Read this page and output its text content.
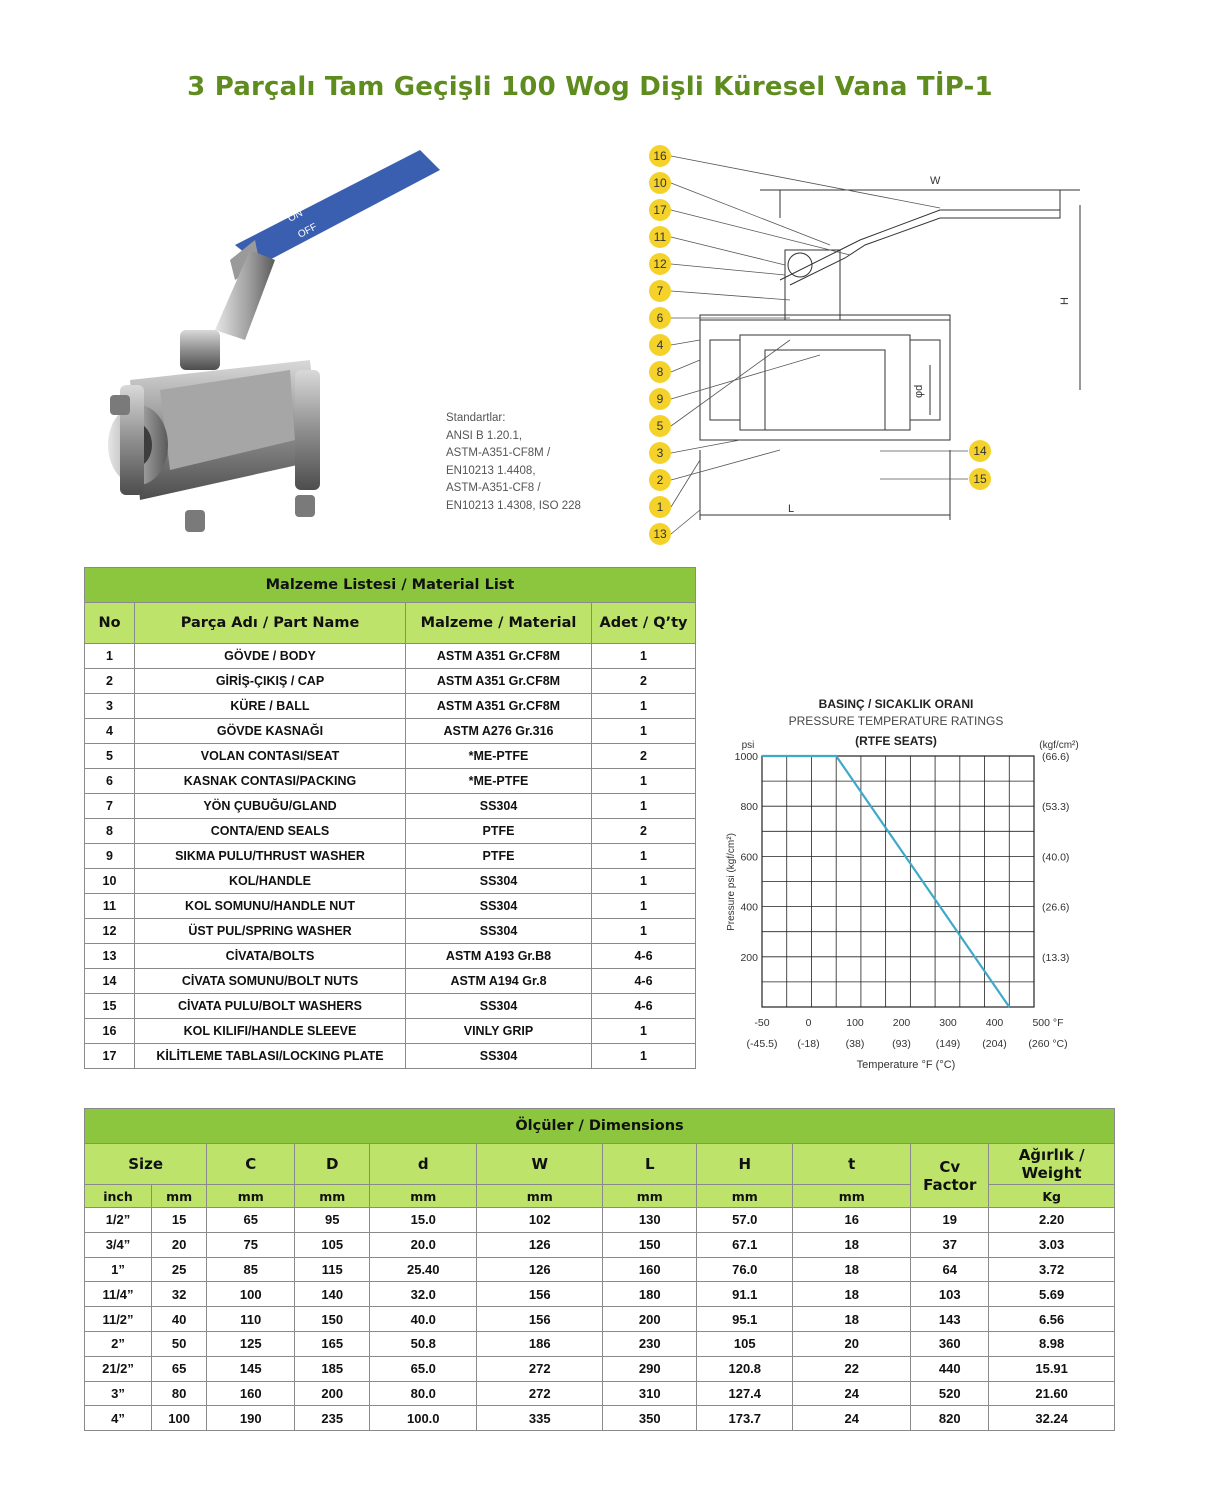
3 Parçalı Tam Geçişli 100 Wog Dişli Küresel Vana TİP-1
ON
OFF
Standartlar:
ANSI B 1.20.1,
ASTM-A351-CF8M /
EN10213 1.4408,
ASTM-A351-CF8 /
EN10213 1.4308, ISO 228
W
H
L
φd
16
10
17
11
12
7
6
4
8
9
5
3
2
1
13
14
15
Malzeme Listesi / Material List			
No	Parça Adı / Part Name	Malzeme / Material	Adet / Q’ty
1	GÖVDE / BODY	ASTM A351 Gr.CF8M	1
2	GİRİŞ-ÇIKIŞ / CAP	ASTM A351 Gr.CF8M	2
3	KÜRE / BALL	ASTM A351 Gr.CF8M	1
4	GÖVDE KASNAĞI	ASTM A276 Gr.316	1
5	VOLAN CONTASI/SEAT	*ME-PTFE	2
6	KASNAK CONTASI/PACKING	*ME-PTFE	1
7	YÖN ÇUBUĞU/GLAND	SS304	1
8	CONTA/END SEALS	PTFE	2
9	SIKMA PULU/THRUST WASHER	PTFE	1
10	KOL/HANDLE	SS304	1
11	KOL SOMUNU/HANDLE NUT	SS304	1
12	ÜST PUL/SPRING WASHER	SS304	1
13	CİVATA/BOLTS	ASTM A193 Gr.B8	4-6
14	CİVATA SOMUNU/BOLT NUTS	ASTM A194 Gr.8	4-6
15	CİVATA PULU/BOLT WASHERS	SS304	4-6
16	KOL KILIFI/HANDLE SLEEVE	VINLY GRIP	1
17	KİLİTLEME TABLASI/LOCKING PLATE	SS304	1
BASINÇ / SICAKLIK ORANI
PRESSURE TEMPERATURE RATINGS
(RTFE SEATS)
psi	(kgf/cm²)
-50
(-45.5)
0
(-18)
100
(38)
200
(93)
300
(149)
400
(204)
500 °F
(260 °C)
200	(13.3)
400	(26.6)
600	(40.0)
800	(53.3)
1000	(66.6)
Pressure psi (kgf/cm²)
Temperature °F (°C)
Ölçüler / Dimensions										
Size		C	D	d	W	L	H	t	Cv Factor	Ağırlık / Weight
inch	mm	mm	mm	mm	mm	mm	mm	mm		Kg
1/2”	15	65	95	15.0	102	130	57.0	16	19	2.20
3/4”	20	75	105	20.0	126	150	67.1	18	37	3.03
1”	25	85	115	25.40	126	160	76.0	18	64	3.72
11/4”	32	100	140	32.0	156	180	91.1	18	103	5.69
11/2”	40	110	150	40.0	156	200	95.1	18	143	6.56
2”	50	125	165	50.8	186	230	105	20	360	8.98
21/2”	65	145	185	65.0	272	290	120.8	22	440	15.91
3”	80	160	200	80.0	272	310	127.4	24	520	21.60
4”	100	190	235	100.0	335	350	173.7	24	820	32.24
